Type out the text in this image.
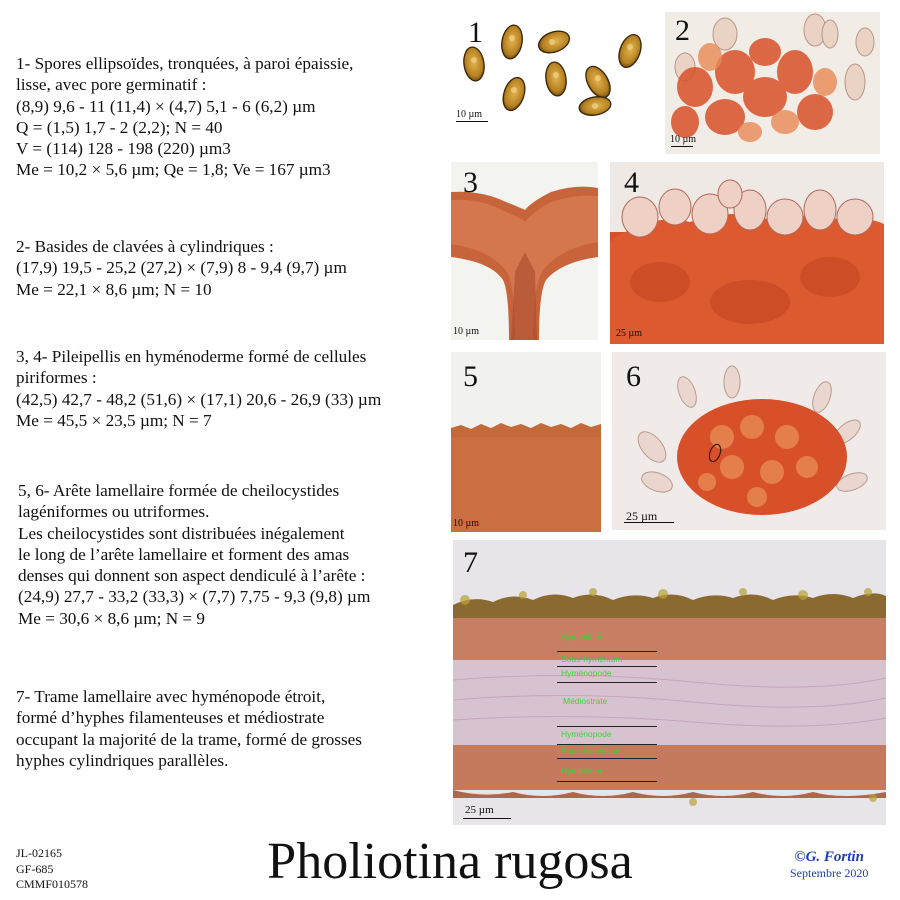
1- Spores ellipsoïdes, tronquées, à paroi épaissie,
lisse, avec pore germinatif :
(8,9) 9,6 - 11 (11,4) × (4,7) 5,1 - 6 (6,2) µm
Q = (1,5) 1,7 - 2 (2,2); N = 40
V = (114) 128 - 198 (220) µm3
Me = 10,2 × 5,6 µm; Qe = 1,8; Ve = 167 µm3
2- Basides de clavées à cylindriques :
(17,9) 19,5 - 25,2 (27,2) × (7,9) 8 - 9,4 (9,7) µm
Me = 22,1 × 8,6 µm; N = 10
3, 4- Pileipellis en hyménoderme formé de cellules
piriformes :
(42,5) 42,7 - 48,2 (51,6) × (17,1) 20,6 - 26,9 (33) µm
Me = 45,5 × 23,5 µm; N = 7
5, 6- Arête lamellaire formée de cheilocystides
lagéniformes ou utriformes.
Les cheilocystides sont distribuées inégalement
le long de l’arête lamellaire et forment des amas
denses qui donnent son aspect dendiculé à l’arête :
(24,9) 27,7 - 33,2 (33,3) × (7,7) 7,75 - 9,3 (9,8) µm
Me = 30,6 × 8,6 µm; N = 9
7- Trame lamellaire avec hyménopode étroit,
formé d’hyphes filamenteuses et médiostrate
occupant la majorité de la trame, formé de grosses
hyphes cylindriques parallèles.
1
10 µm
2
10 µm
3
10 µm
4
25 µm
5
10 µm
6
25 µm
7
Hyménium
Sous-hyménium
Hyménopode
Médiostrate
Hyménopode
Sous-hyménium
Hyménium
25 µm
JL-02165
GF-685
CMMF010578	Pholiotina rugosa	©G. Fortin
Septembre 2020
